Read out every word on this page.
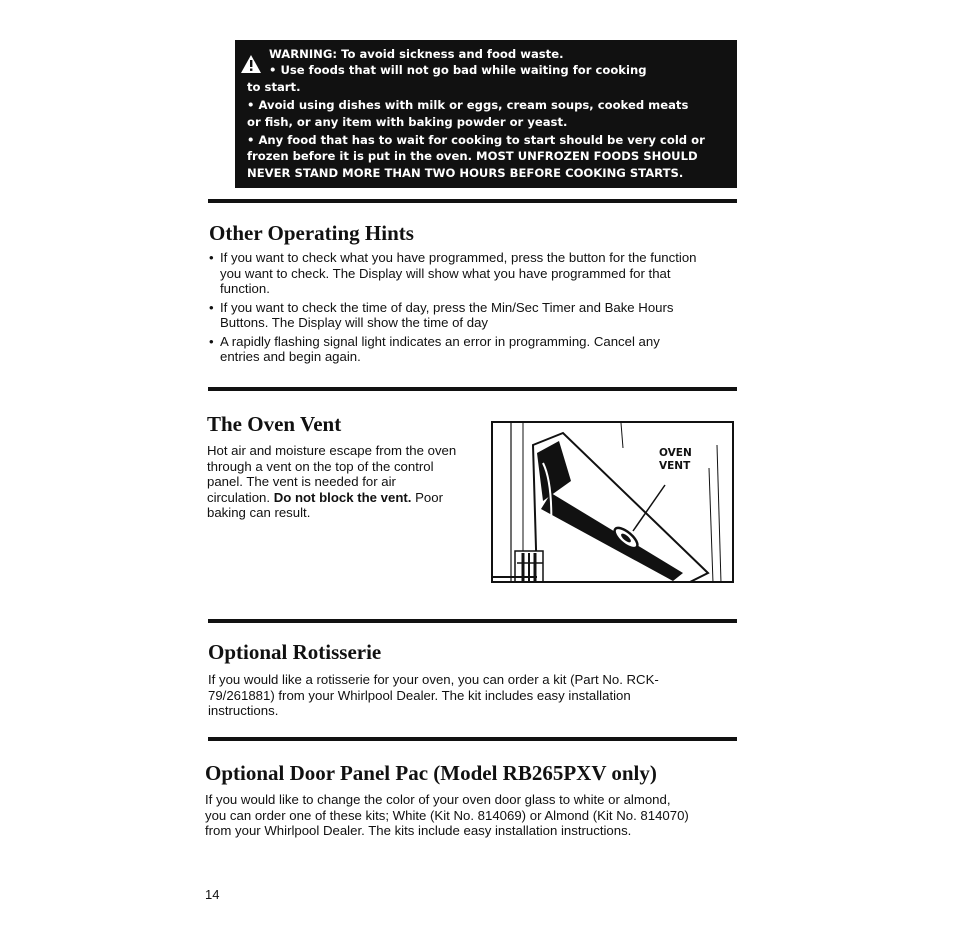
WARNING: To avoid sickness and food waste.
• Use foods that will not go bad while waiting for cooking
to start.
• Avoid using dishes with milk or eggs, cream soups, cooked meats
or fish, or any item with baking powder or yeast.
• Any food that has to wait for cooking to start should be very cold or
frozen before it is put in the oven. MOST UNFROZEN FOODS SHOULD
NEVER STAND MORE THAN TWO HOURS BEFORE COOKING STARTS.
Other Operating Hints
• If you want to check what you have programmed, press the button for the function you want to check. The Display will show what you have programmed for that function.
• If you want to check the time of day, press the Min/Sec Timer and Bake Hours Buttons. The Display will show the time of day
• A rapidly flashing signal light indicates an error in programming. Cancel any entries and begin again.
The Oven Vent

Hot air and moisture escape from the oven through a vent on the top of the control panel. The vent is needed for air circulation. Do not block the vent. Poor baking can result.

OVEN
VENT
Optional Rotisserie

If you would like a rotisserie for your oven, you can order a kit (Part No. RCK-79/261881) from your Whirlpool Dealer. The kit includes easy installation instructions.

Optional Door Panel Pac (Model RB265PXV only)

If you would like to change the color of your oven door glass to white or almond, you can order one of these kits; White (Kit No. 814069) or Almond (Kit No. 814070) from your Whirlpool Dealer. The kits include easy installation instructions.

14
